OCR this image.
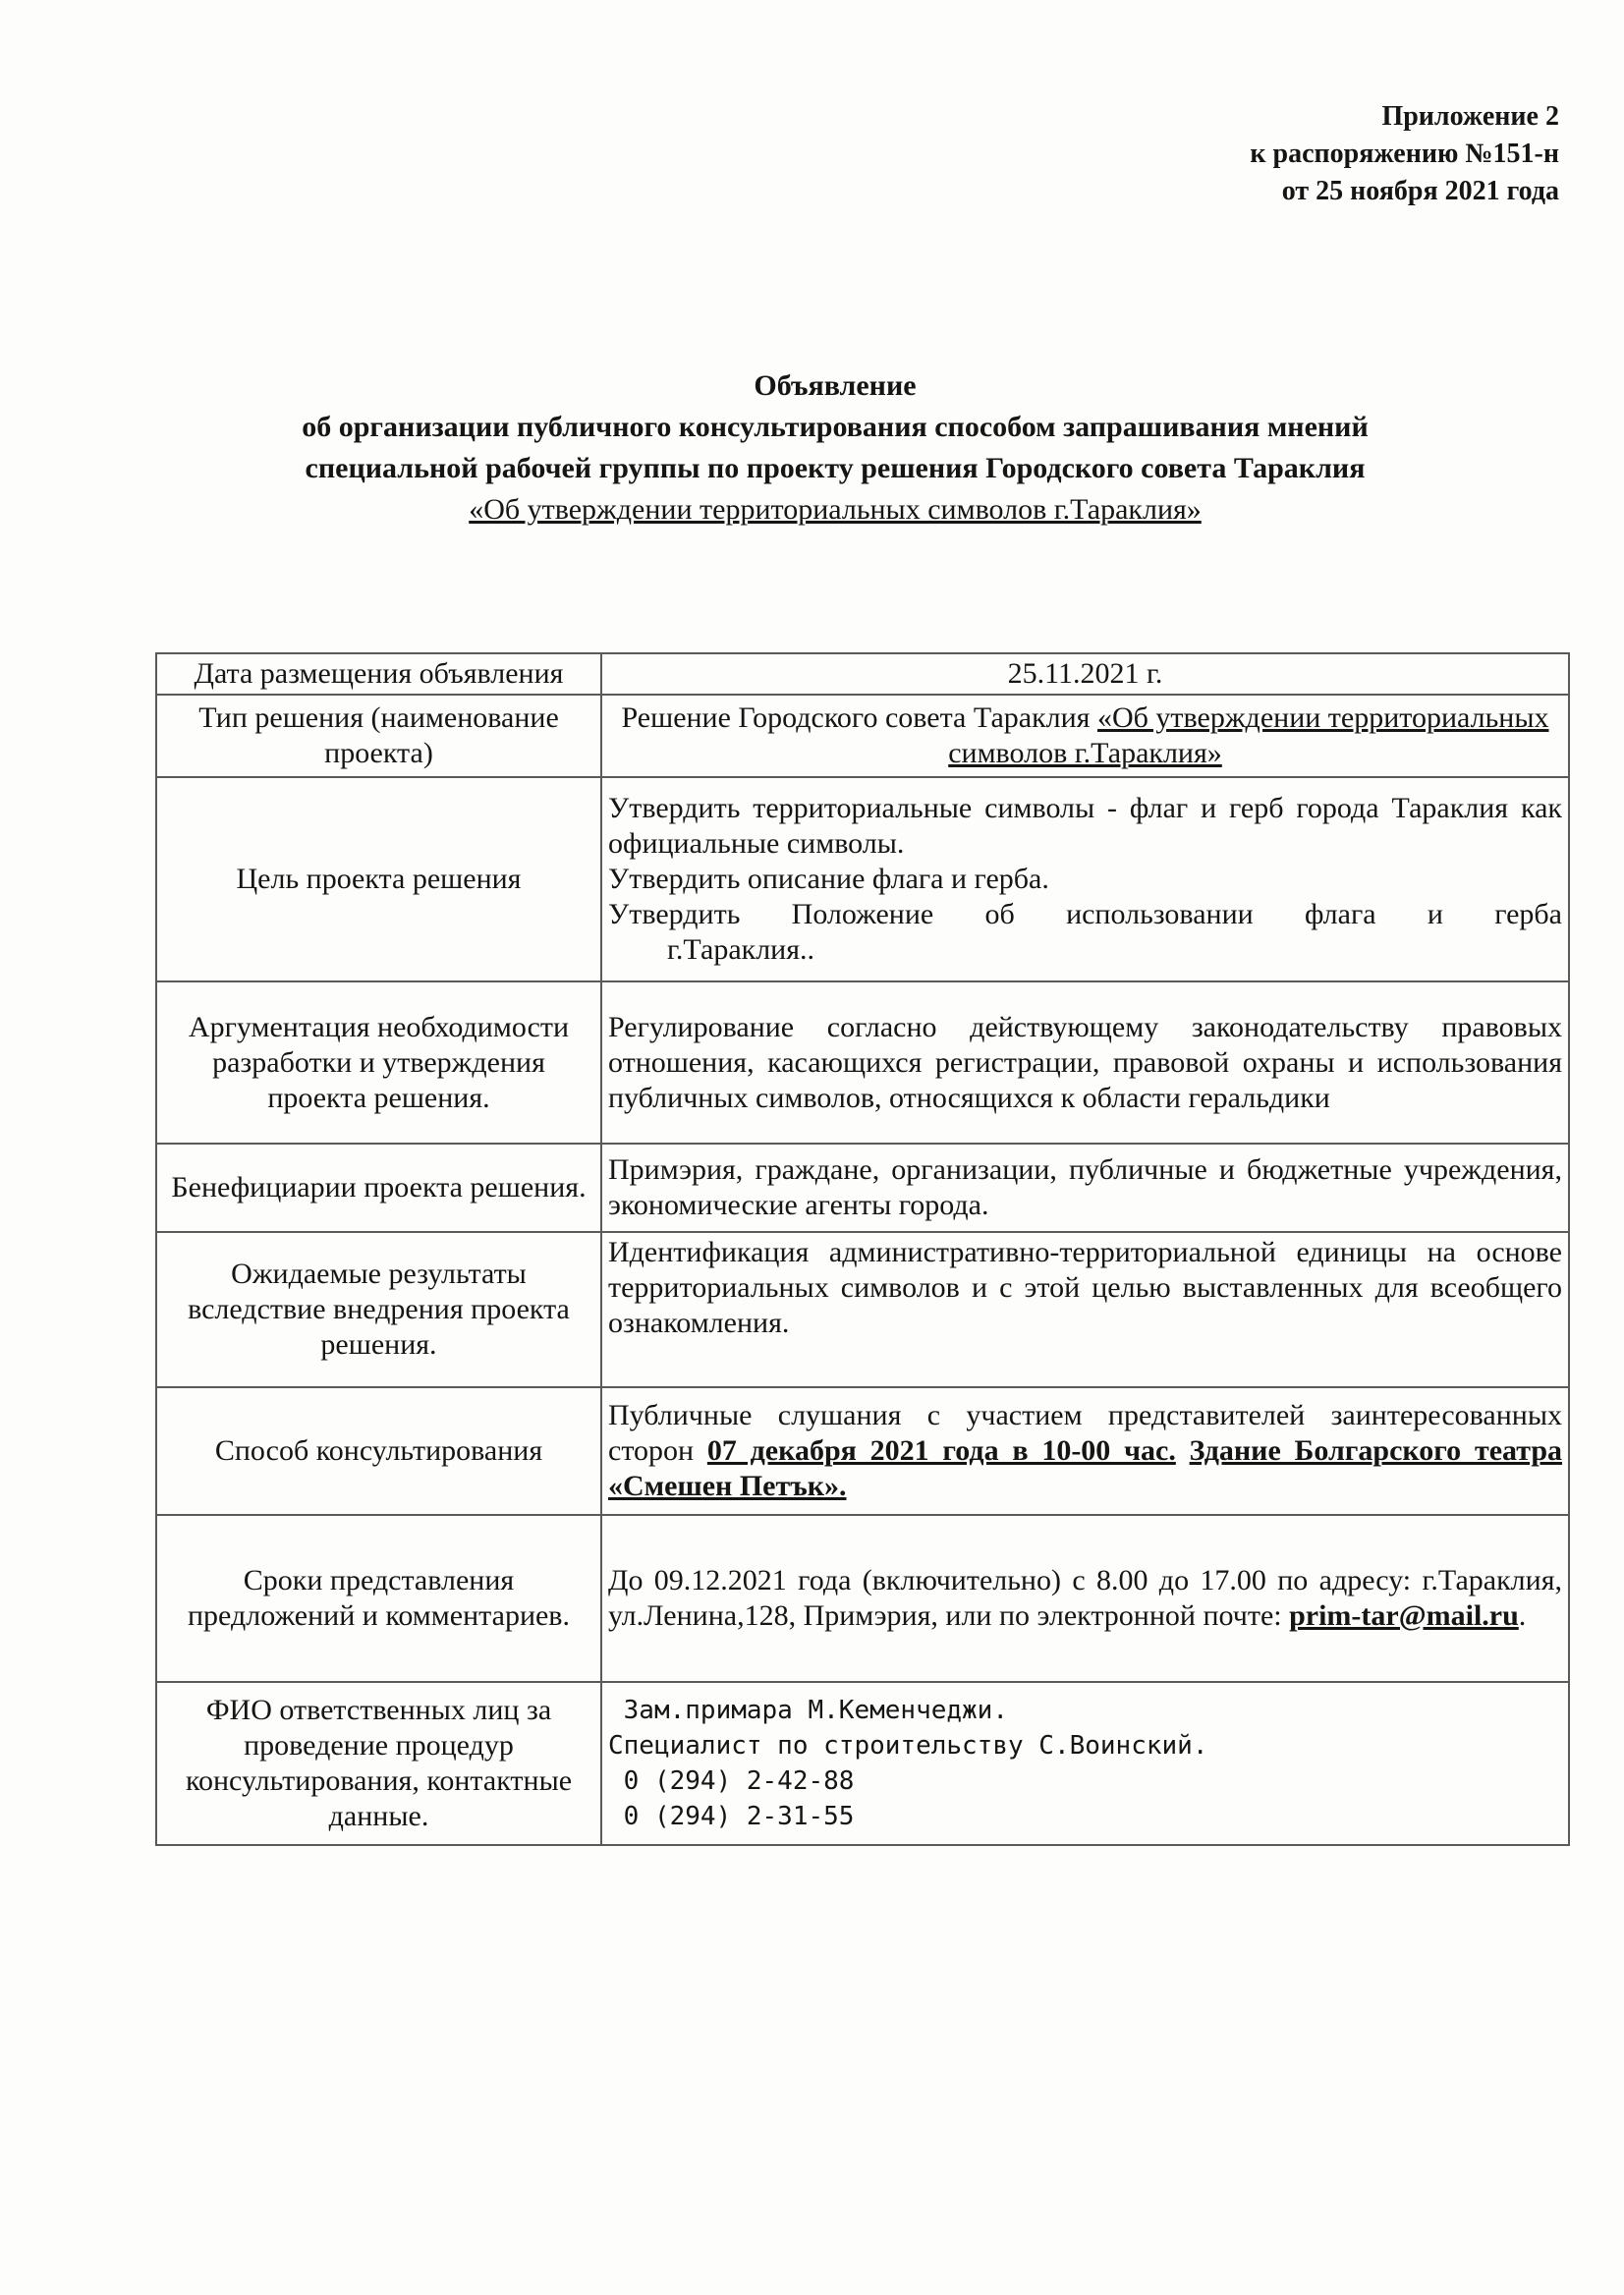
Приложение 2
к распоряжению №151-н
от 25 ноября 2021 года
Объявление
об организации публичного консультирования способом запрашивания мнений
специальной рабочей группы по проекту решения Городского совета Тараклия
«Об утверждении территориальных символов г.Тараклия»
Дата размещения объявления	25.11.2021 г.
Тип решения (наименование проекта)	Решение Городского совета Тараклия «Об утверждении территориальных символов г.Тараклия»
Цель проекта решения	Утвердить территориальные символы - флаг и герб города Тараклия как официальные символы.
Утвердить описание флага и герба.
Утвердить Положение об использовании флага и герба
г.Тараклия..

Аргументация необходимости разработки и утверждения проекта решения.	Регулирование согласно действующему законодательству правовых отношения, касающихся регистрации, правовой охраны и использования публичных символов, относящихся к области геральдики
Бенефициарии проекта решения.	Примэрия, граждане, организации, публичные и бюджетные учреждения, экономические агенты города.
Ожидаемые результаты вследствие внедрения проекта решения.	Идентификация административно-территориальной единицы на основе территориальных символов и с этой целью выставленных для всеобщего ознакомления.
Способ консультирования	Публичные слушания с участием представителей заинтересованных сторон 07 декабря 2021 года в 10-00 час. Здание Болгарского театра «Смешен Петък».
Сроки представления предложений и комментариев.	До 09.12.2021 года (включительно) с 8.00 до 17.00 по адресу: г.Тараклия, ул.Ленина,128, Примэрия, или по электронной почте: prim-tar@mail.ru.
ФИО ответственных лиц за проведение процедур консультирования, контактные данные.	Зам.примара М.Кеменчеджи.
Специалист по строительству С.Воинский.
0 (294) 2-42-88
0 (294) 2-31-55
